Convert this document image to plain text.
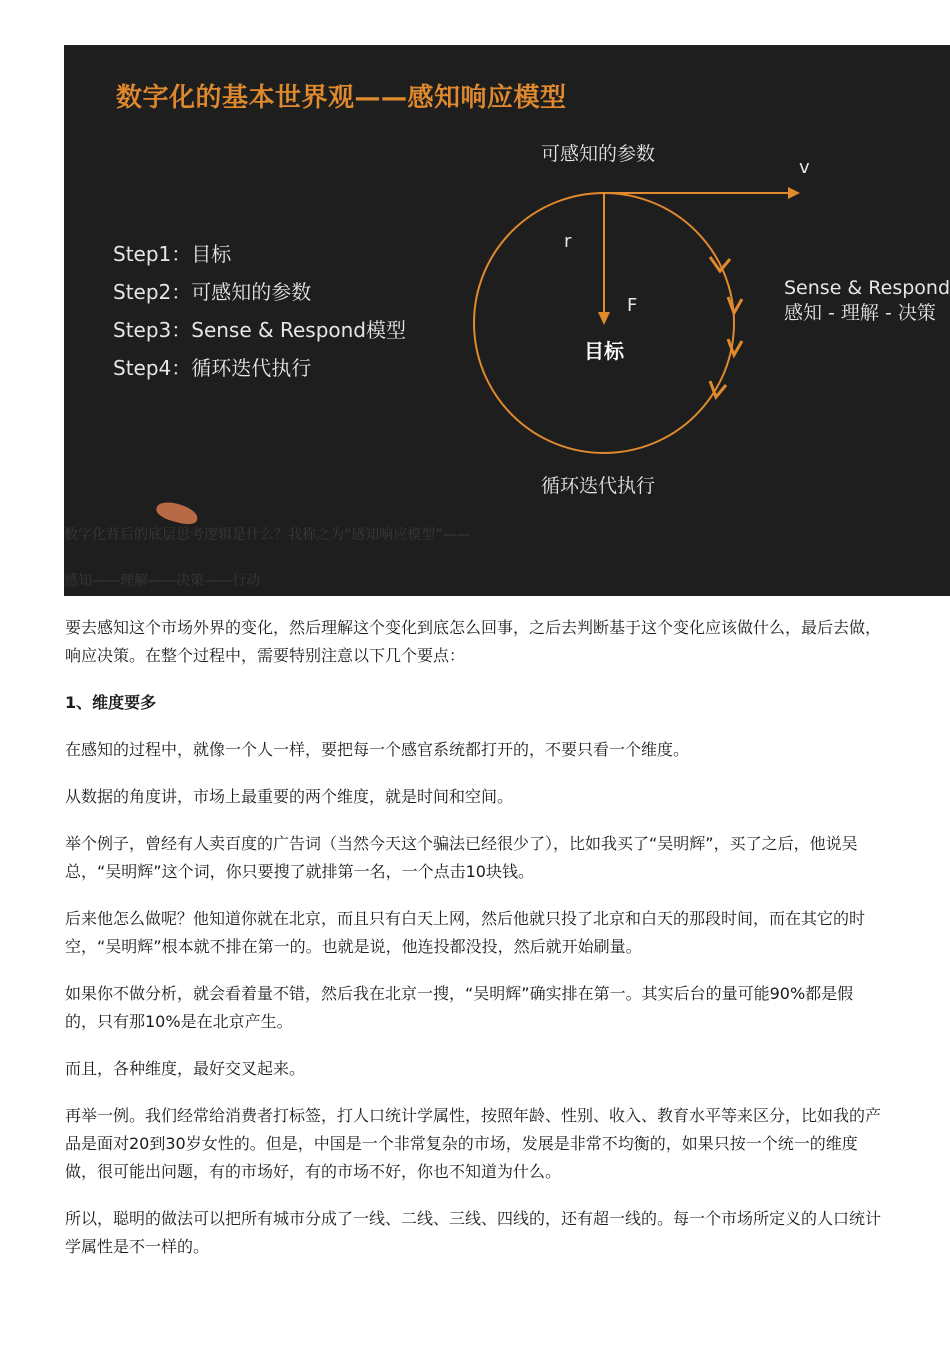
数字化的基本世界观——感知响应模型
Step1：目标
Step2：可感知的参数
Step3：Sense & Respond模型
Step4：循环迭代执行
可感知的参数
v
r
F
目标
循环迭代执行
Sense & Respond
感知 - 理解 - 决策
数字化背后的底层思考逻辑是什么？我称之为“感知响应模型”——
感知——理解——决策——行动

要去感知这个市场外界的变化，然后理解这个变化到底怎么回事，之后去判断基于这个变化应该做什么，最后去做，响应决策。在整个过程中，需要特别注意以下几个要点：

1、维度要多

在感知的过程中，就像一个人一样，要把每一个感官系统都打开的，不要只看一个维度。

从数据的角度讲，市场上最重要的两个维度，就是时间和空间。

举个例子，曾经有人卖百度的广告词（当然今天这个骗法已经很少了），比如我买了“吴明辉”，买了之后，他说吴总，“吴明辉”这个词，你只要搜了就排第一名，一个点击10块钱。

后来他怎么做呢？他知道你就在北京，而且只有白天上网，然后他就只投了北京和白天的那段时间，而在其它的时空，“吴明辉”根本就不排在第一的。也就是说，他连投都没投，然后就开始刷量。

如果你不做分析，就会看着量不错，然后我在北京一搜，“吴明辉”确实排在第一。其实后台的量可能90%都是假的，只有那10%是在北京产生。

而且，各种维度，最好交叉起来。

再举一例。我们经常给消费者打标签，打人口统计学属性，按照年龄、性别、收入、教育水平等来区分，比如我的产品是面对20到30岁女性的。但是，中国是一个非常复杂的市场，发展是非常不均衡的，如果只按一个统一的维度做，很可能出问题，有的市场好，有的市场不好，你也不知道为什么。

所以，聪明的做法可以把所有城市分成了一线、二线、三线、四线的，还有超一线的。每一个市场所定义的人口统计学属性是不一样的。
